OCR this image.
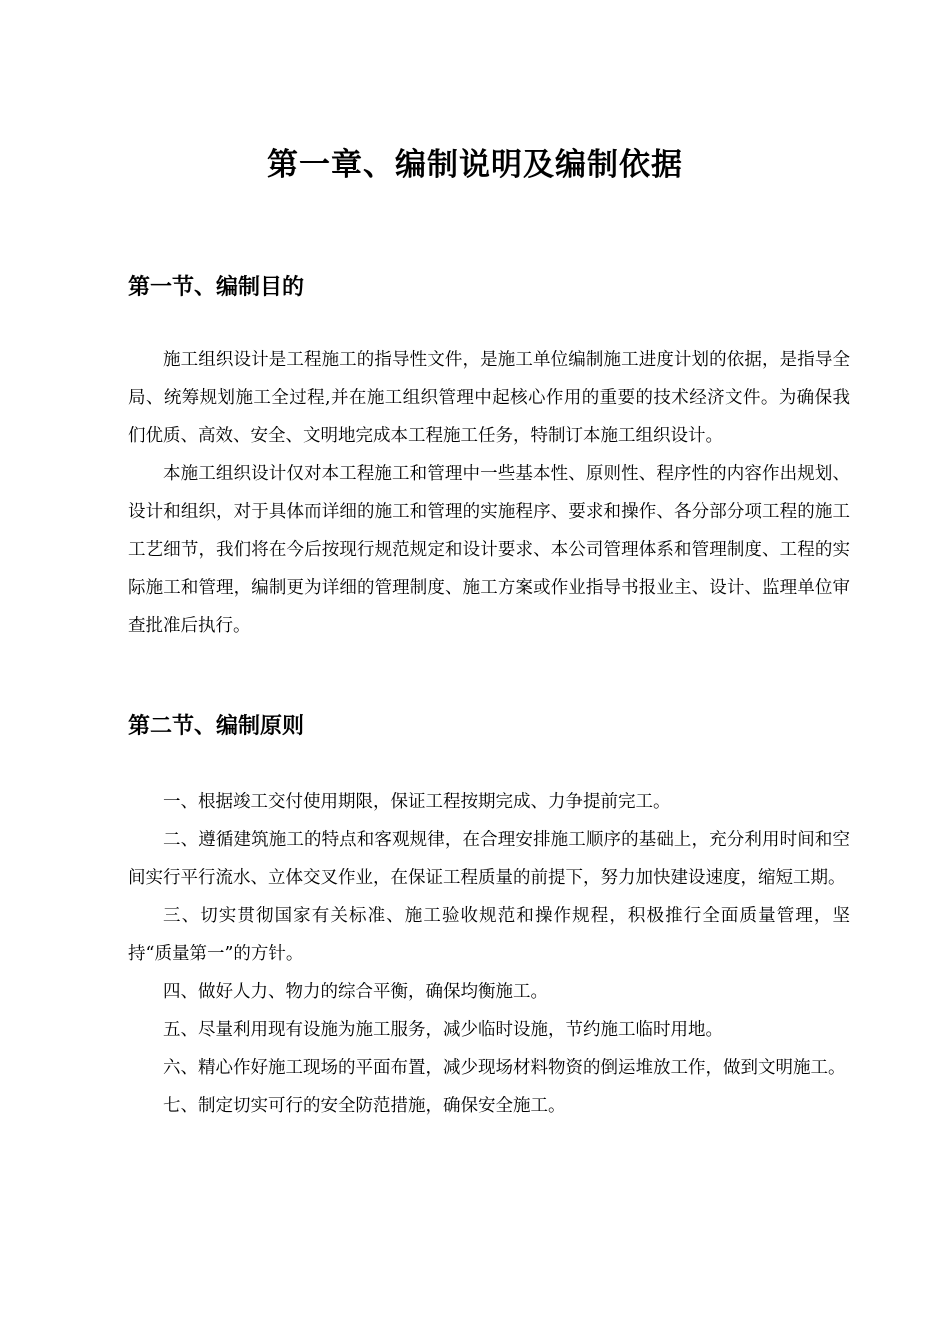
第一章、编制说明及编制依据
第一节、编制目的

施工组织设计是工程施工的指导性文件，是施工单位编制施工进度计划的依据，是指导全局、统筹规划施工全过程,并在施工组织管理中起核心作用的重要的技术经济文件。为确保我们优质、高效、安全、文明地完成本工程施工任务，特制订本施工组织设计。

本施工组织设计仅对本工程施工和管理中一些基本性、原则性、程序性的内容作出规划、设计和组织，对于具体而详细的施工和管理的实施程序、要求和操作、各分部分项工程的施工工艺细节，我们将在今后按现行规范规定和设计要求、本公司管理体系和管理制度、工程的实际施工和管理，编制更为详细的管理制度、施工方案或作业指导书报业主、设计、监理单位审查批准后执行。

第二节、编制原则

一、根据竣工交付使用期限，保证工程按期完成、力争提前完工。

二、遵循建筑施工的特点和客观规律，在合理安排施工顺序的基础上，充分利用时间和空间实行平行流水、立体交叉作业，在保证工程质量的前提下，努力加快建设速度，缩短工期。

三、切实贯彻国家有关标准、施工验收规范和操作规程，积极推行全面质量管理，坚持“质量第一”的方针。

四、做好人力、物力的综合平衡，确保均衡施工。

五、尽量利用现有设施为施工服务，减少临时设施，节约施工临时用地。

六、精心作好施工现场的平面布置，减少现场材料物资的倒运堆放工作，做到文明施工。

七、制定切实可行的安全防范措施，确保安全施工。
